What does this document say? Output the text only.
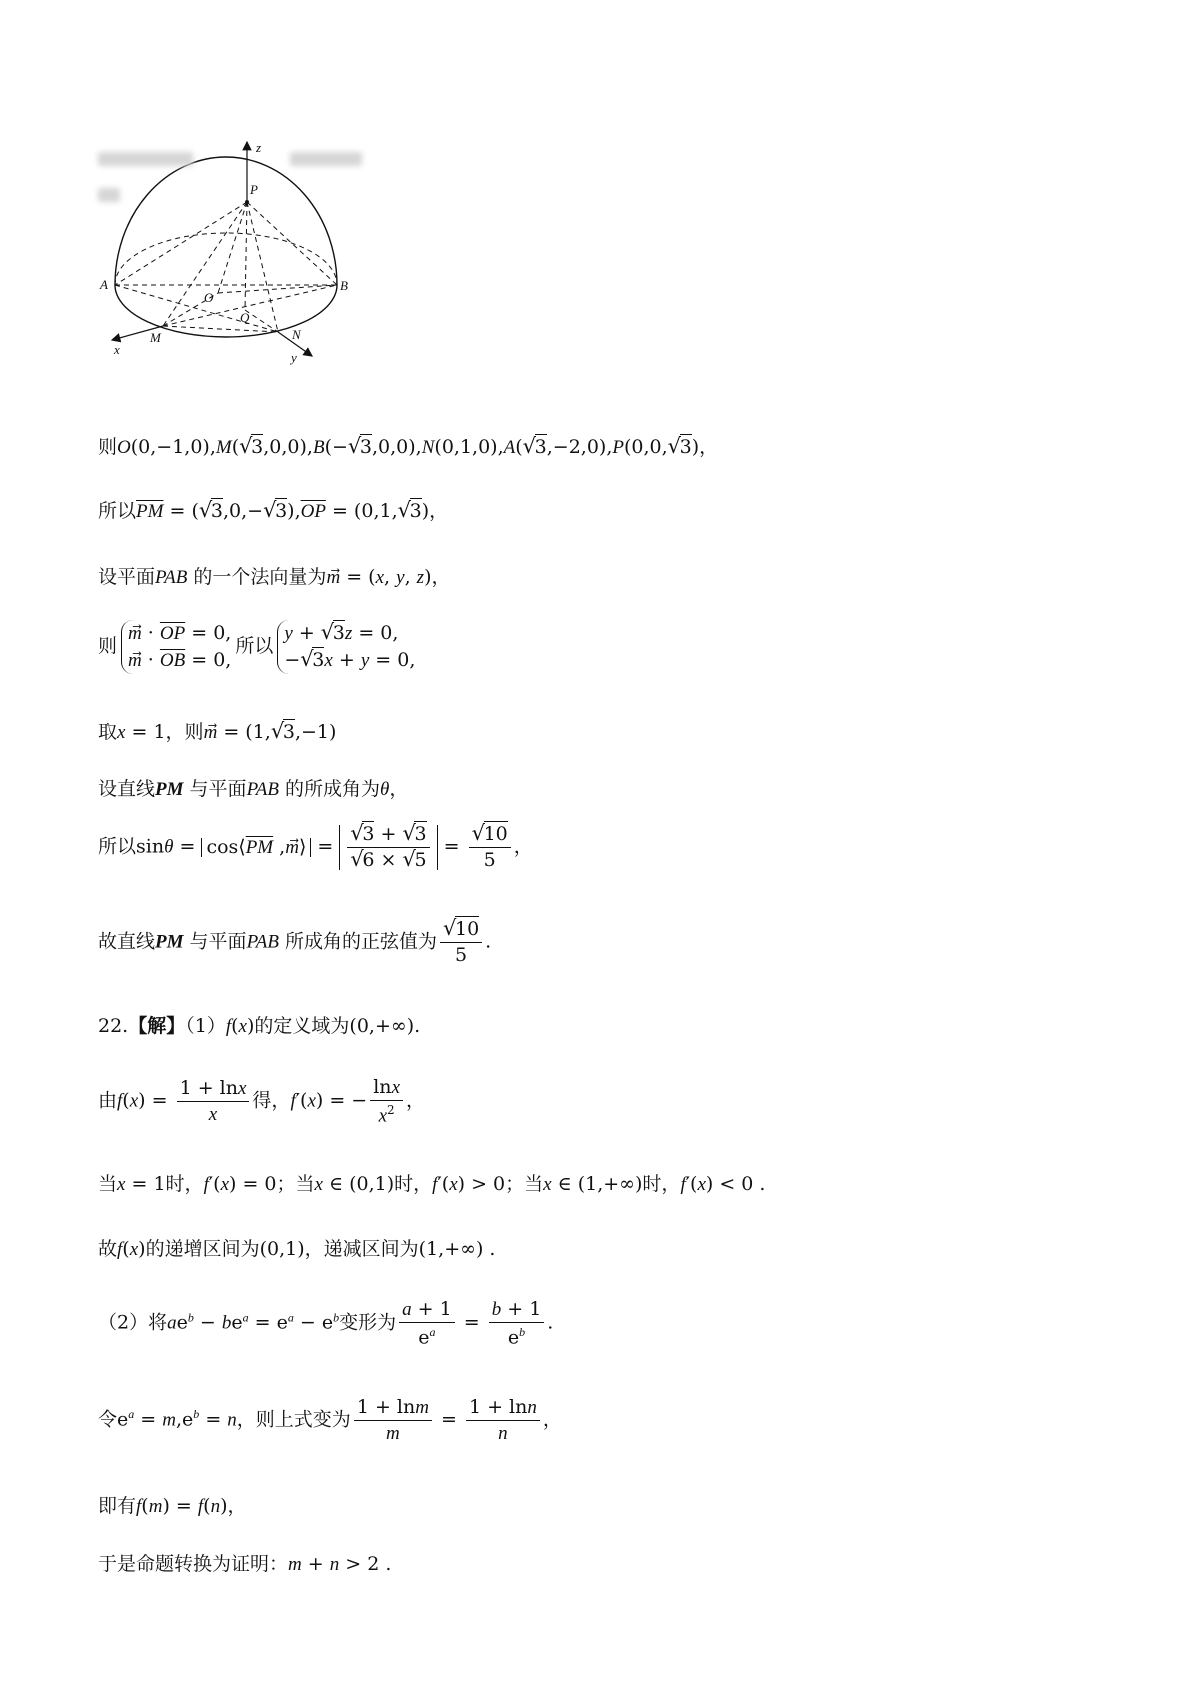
z
P
A	B
O
Q
M	N
x
y
则O(0,−1,0),M( √ 3,0,0),B(− √ 3,0,0),N(0,1,0),A( √ 3,−2,0),P(0,0, √ 3)，
所以$\overline{PM}$ = ( √ 3,0,− √ $3),\overline{OP} = (0,1$, √ 3)，
设平面PAB 的一个法向量为m⃗ = (x, y, z)，
则
m⃗ · $\overline{OP} = 0$,
m⃗ · $\overline{OB} = 0$,
所以
y + √ 3z = 0,
− √ 3x + y = 0,
取x = 1，则m⃗ = (1, √ 3,−1)
设直线PM 与平面PAB 的所成角为θ，
所以$\sin\theta = \cos⟨\overline{PM}$ ,m⃗⟩ = √ 3 + √ 3
√ 6 × √ 5 = √ $\frac{10}{5}$ ，
故直线PM 与平面PAB 所成角的正弦值为 √ $\frac{10}{5}$ .
22.【解】（1）f(x)的定义域为(0,+∞).
由$f(x) = \frac{1 + \ln x}{x}$ 得，f′(x) = − $\frac{\ln x}{x^2}$ ，
当x = 1时，f′(x) = 0；当x ∈ (0,1)时，f′(x) > 0；当x ∈ (1,+∞)时，f′(x) < 0 .
故f(x)的递增区间为(0,1)，递减区间为(1,+∞) .
（2）将$ae^b - be^a = e^a - e^b$变形为 $\frac{a + 1}{e^a} = \frac{b + 1}{e^b}$ .
令$e^a = m,e^b = n$，则上式变为 $\frac{1 + \ln m}{m} = \frac{1 + \ln n}{n}$ ，
即有f(m) = f(n)，
于是命题转换为证明：m + n > 2 .
